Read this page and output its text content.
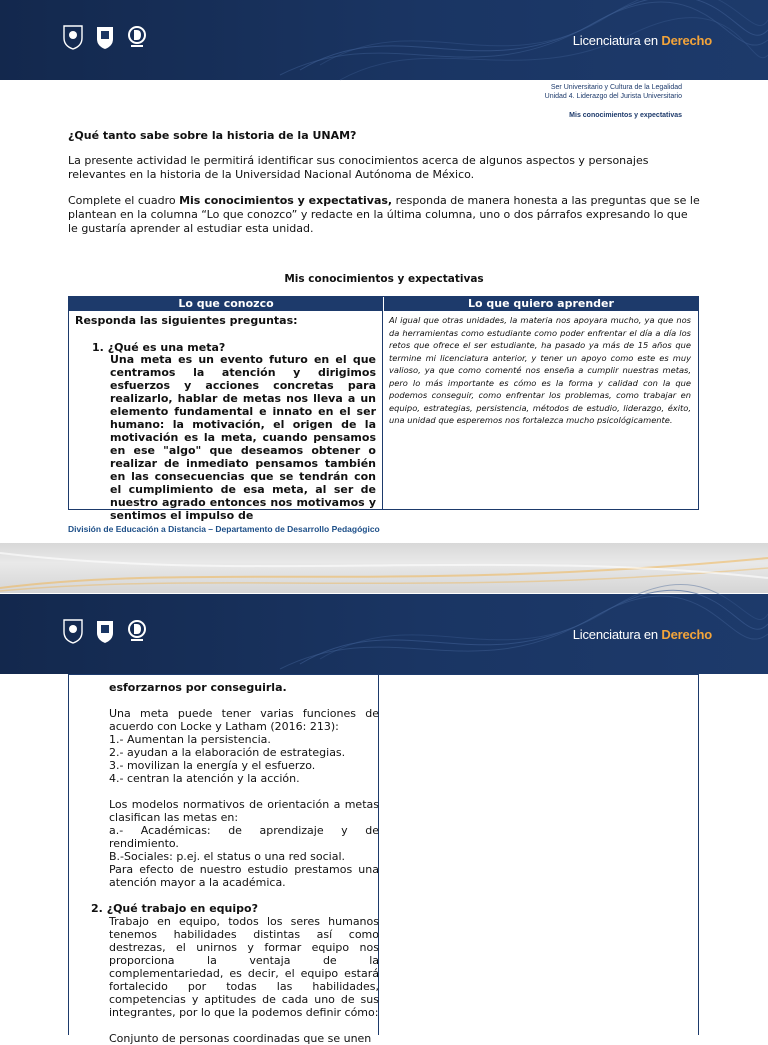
Licenciatura en Derecho
Ser Universitario y Cultura de la Legalidad
Unidad 4. Liderazgo del Jurista Universitario
Mis conocimientos y expectativas
¿Qué tanto sabe sobre la historia de la UNAM?
La presente actividad le permitirá identificar sus conocimientos acerca de algunos aspectos y personajes relevantes en la historia de la Universidad Nacional Autónoma de México.
Complete el cuadro Mis conocimientos y expectativas, responda de manera honesta a las preguntas que se le plantean en la columna “Lo que conozco” y redacte en la última columna, uno o dos párrafos expresando lo que le gustaría aprender al estudiar esta unidad.
Mis conocimientos y expectativas
Lo que conozco	Lo que quiero aprender
Responda las siguientes preguntas:
1. ¿Qué es una meta?
Una meta es un evento futuro en el que centramos la atención y dirigimos esfuerzos y acciones concretas para realizarlo, hablar de metas nos lleva a un elemento fundamental e innato en el ser humano: la motivación, el origen de la motivación es la meta, cuando pensamos en ese "algo" que deseamos obtener o realizar de inmediato pensamos también en las consecuencias que se tendrán con el cumplimiento de esa meta, al ser de nuestro agrado entonces nos motivamos y sentimos el impulso de
Al igual que otras unidades, la materia nos apoyara mucho, ya que nos da herramientas como estudiante como poder enfrentar el día a día los retos que ofrece el ser estudiante, ha pasado ya más de 15 años que termine mi licenciatura anterior, y tener un apoyo como este es muy valioso, ya que como comenté nos enseña a cumplir nuestras metas, pero lo más importante es cómo es la forma y calidad con la que podemos conseguir, como enfrentar los problemas, como trabajar en equipo, estrategias, persistencia, métodos de estudio, liderazgo, éxito, una unidad que esperemos nos fortalezca mucho psicológicamente.
División de Educación a Distancia – Departamento de Desarrollo Pedagógico
Licenciatura en Derecho
esforzarnos por conseguirla.
Una meta puede tener varias funciones de acuerdo con Locke y Latham (2016: 213):
1.- Aumentan la persistencia.
2.- ayudan a la elaboración de estrategias.
3.- movilizan la energía y el esfuerzo.
4.- centran la atención y la acción.
Los modelos normativos de orientación a metas clasifican las metas en:
a.- Académicas: de aprendizaje y de rendimiento.
B.-Sociales: p.ej. el status o una red social.
Para efecto de nuestro estudio prestamos una atención mayor a la académica.
2. ¿Qué trabajo en equipo?
Trabajo en equipo, todos los seres humanos tenemos habilidades distintas así como destrezas, el unirnos y formar equipo nos proporciona la ventaja de la complementariedad, es decir, el equipo estará fortalecido por todas las habilidades, competencias y aptitudes de cada uno de sus integrantes, por lo que la podemos definir cómo:
Conjunto de personas coordinadas que se unen
